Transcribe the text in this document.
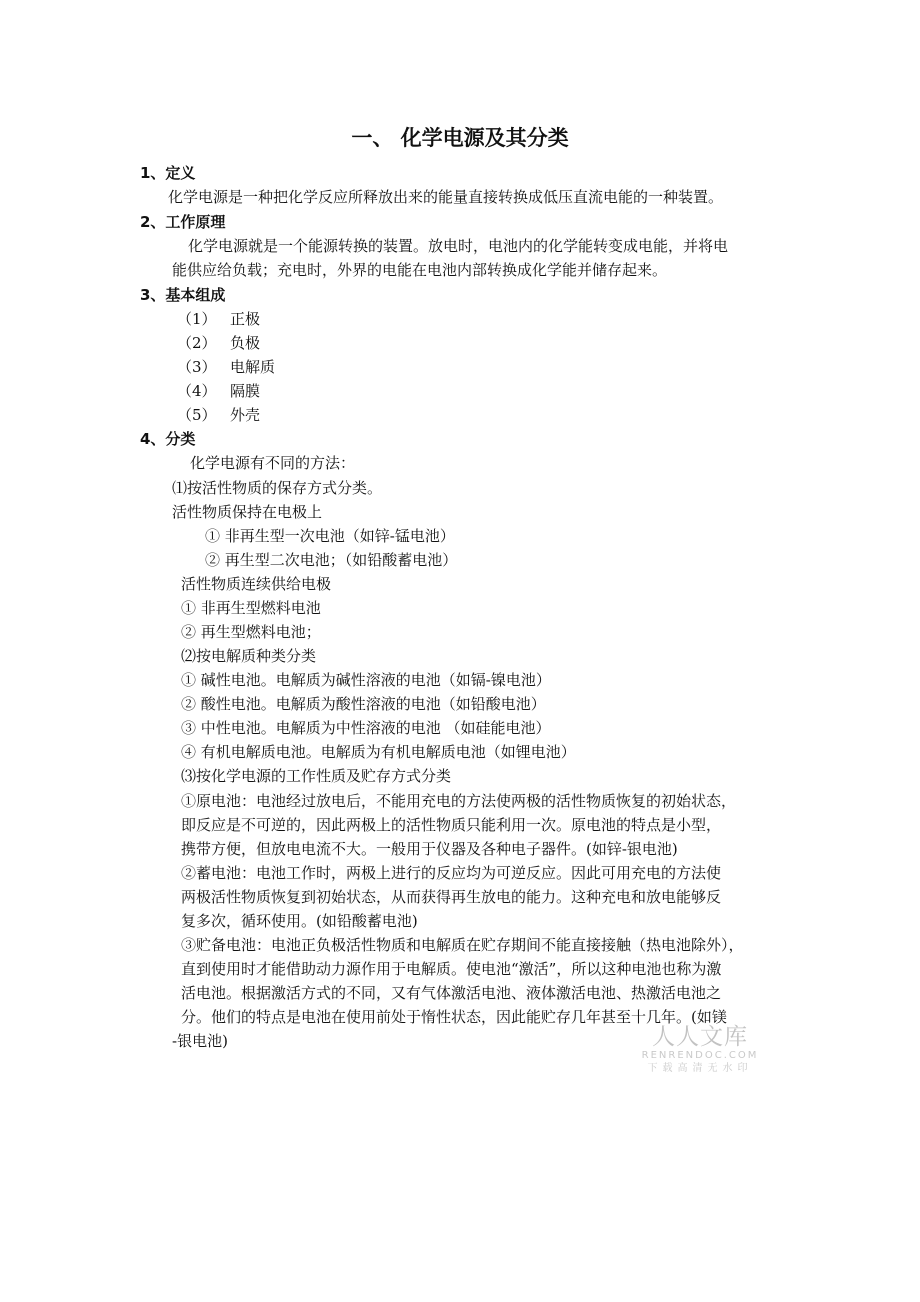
一、 化学电源及其分类
1、定义
化学电源是一种把化学反应所释放出来的能量直接转换成低压直流电能的一种装置。
2、工作原理
化学电源就是一个能源转换的装置。放电时，电池内的化学能转变成电能，并将电
能供应给负载；充电时，外界的电能在电池内部转换成化学能并储存起来。
3、基本组成
（1） 正极
（2） 负极
（3） 电解质
（4） 隔膜
（5） 外壳
4、分类
化学电源有不同的方法：
⑴按活性物质的保存方式分类。
活性物质保持在电极上
① 非再生型一次电池（如锌-锰电池）
② 再生型二次电池；（如铅酸蓄电池）
活性物质连续供给电极
① 非再生型燃料电池
② 再生型燃料电池；
⑵按电解质种类分类
① 碱性电池。电解质为碱性溶液的电池（如镉-镍电池）
② 酸性电池。电解质为酸性溶液的电池（如铅酸电池）
③ 中性电池。电解质为中性溶液的电池 （如硅能电池）
④ 有机电解质电池。电解质为有机电解质电池（如锂电池）
⑶按化学电源的工作性质及贮存方式分类
①原电池：电池经过放电后，不能用充电的方法使两极的活性物质恢复的初始状态，
即反应是不可逆的，因此两极上的活性物质只能利用一次。原电池的特点是小型，
携带方便，但放电电流不大。一般用于仪器及各种电子器件。(如锌-银电池)
②蓄电池：电池工作时，两极上进行的反应均为可逆反应。因此可用充电的方法使
两极活性物质恢复到初始状态，从而获得再生放电的能力。这种充电和放电能够反
复多次，循环使用。(如铅酸蓄电池)
③贮备电池：电池正负极活性物质和电解质在贮存期间不能直接接触（热电池除外），
直到使用时才能借助动力源作用于电解质。使电池“激活”，所以这种电池也称为激
活电池。根据激活方式的不同，又有气体激活电池、液体激活电池、热激活电池之
分。他们的特点是电池在使用前处于惰性状态，因此能贮存几年甚至十几年。(如镁
-银电池)	人人文库
RENRENDOC.COM
下载高清无水印
